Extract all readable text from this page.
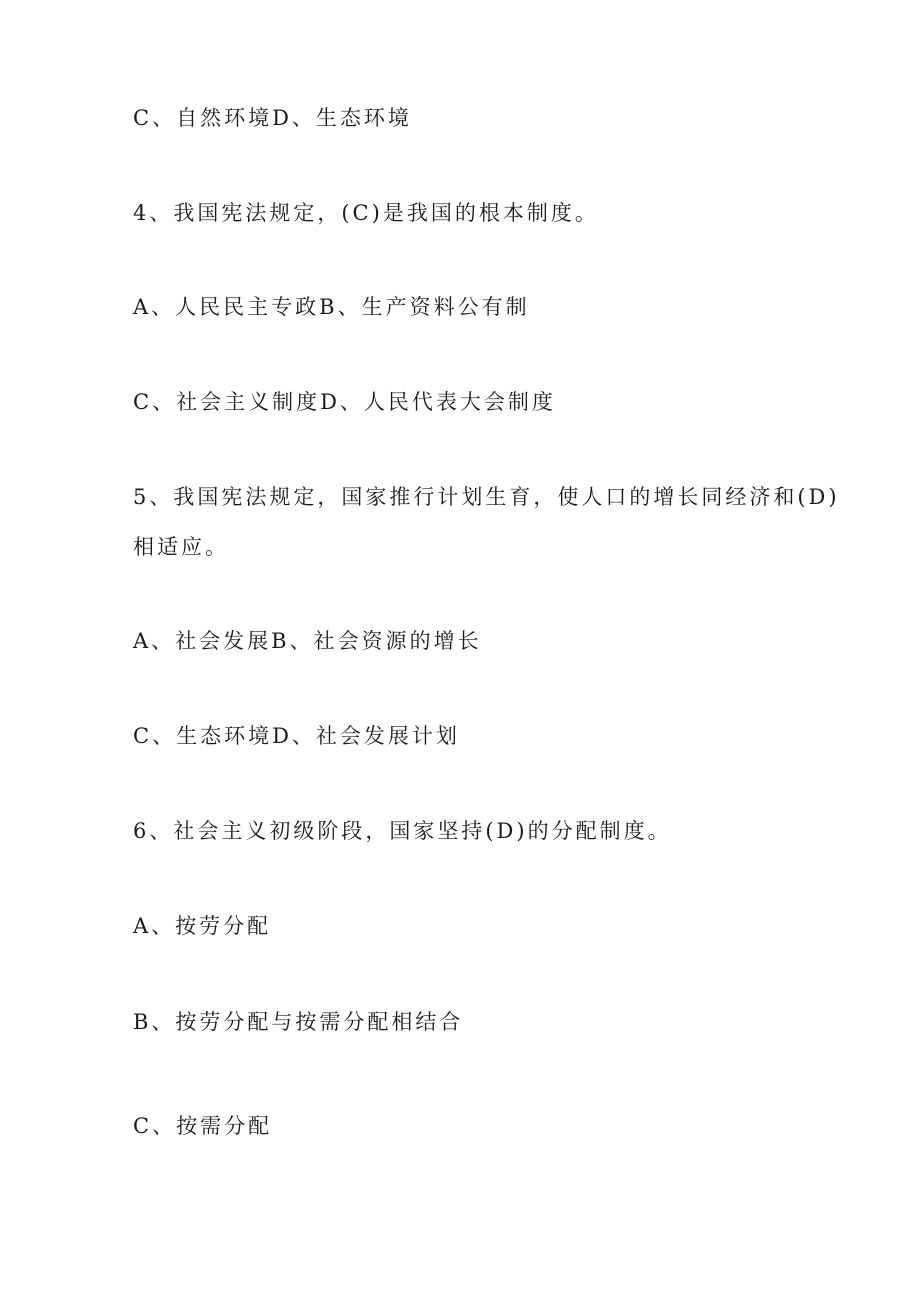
C、自然环境D、生态环境

4、我国宪法规定，(C)是我国的根本制度。

A、人民民主专政B、生产资料公有制

C、社会主义制度D、人民代表大会制度

5、我国宪法规定，国家推行计划生育，使人口的增长同经济和(D)

相适应。

A、社会发展B、社会资源的增长

C、生态环境D、社会发展计划

6、社会主义初级阶段，国家坚持(D)的分配制度。

A、按劳分配

B、按劳分配与按需分配相结合

C、按需分配
